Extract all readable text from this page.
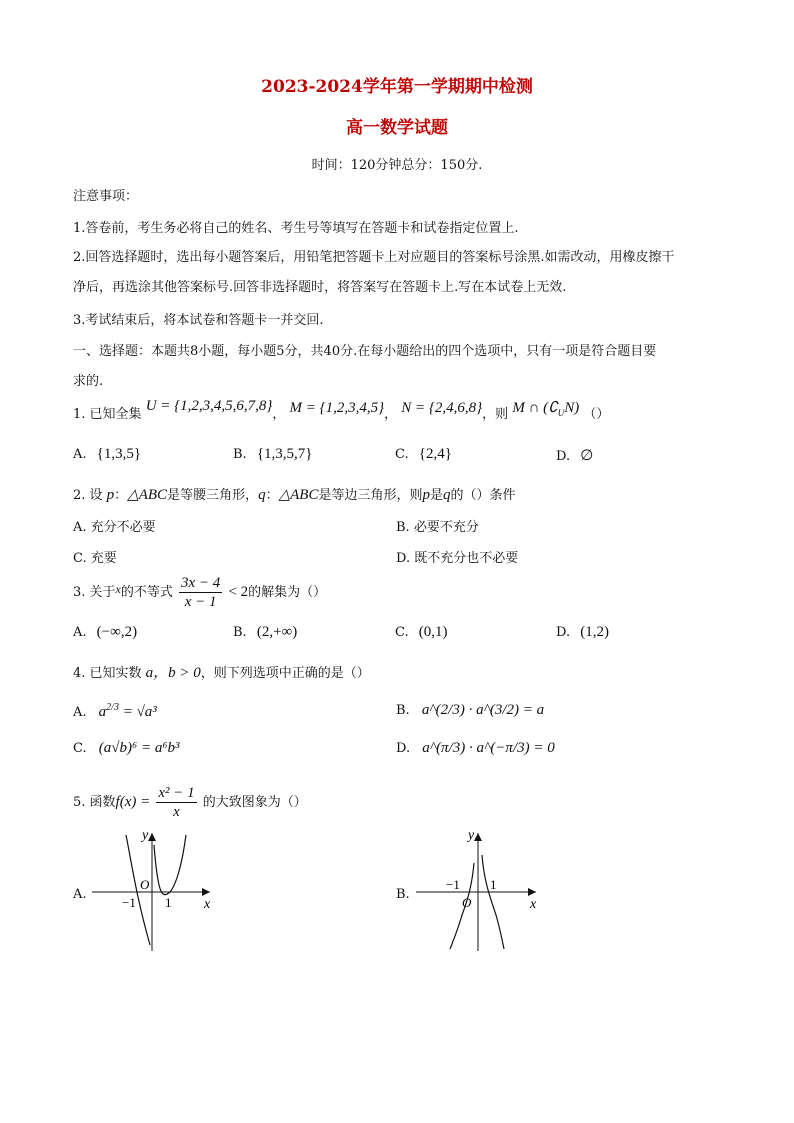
2023-2024学年第一学期期中检测
高一数学试题
时间：120分钟总分：150分.
注意事项：
1.答卷前，考生务必将自己的姓名、考生号等填写在答题卡和试卷指定位置上.
2.回答选择题时，选出每小题答案后，用铅笔把答题卡上对应题目的答案标号涂黑.如需改动，用橡皮擦干
净后，再选涂其他答案标号.回答非选择题时，将答案写在答题卡上.写在本试卷上无效.
3.考试结束后，将本试卷和答题卡一并交回.
一、选择题：本题共8小题，每小题5分，共40分.在每小题给出的四个选项中，只有一项是符合题目要
求的.
1. 已知全集 U = {1,2,3,4,5,6,7,8}， M = {1,2,3,4,5}， N = {2,4,6,8}，则 M ∩ $(∁_UN)$ （）
A. {1,3,5}	B. {1,3,5,7}	C. {2,4}	D. ∅
2. 设 p：△ABC是等腰三角形，q：△ABC是等边三角形，则p是q的（）条件
A. 充分不必要	B. 必要不充分
C. 充要	D. 既不充分也不必要
3. 关于x的不等式 $\frac{3x - 4}{x - 1} < 2$的解集为（）
A. (−∞,2)	B. (2,+∞)	C. (0,1)	D. (1,2)
4. 已知实数 a，b > 0，则下列选项中正确的是（）
A. $a^{2/3} = √a^3$	B. a^(2/3) · a^(3/2) = a
C. (a√b)⁶ = a⁶b³	D. a^(π/3) · a^(−π/3) = 0
5. 函数$f(x) = \frac{\text{x² − 1}}{x}$ 的大致图象为（）
A.
y
x
O
−1 1
B.
y
x
O
−1 1
